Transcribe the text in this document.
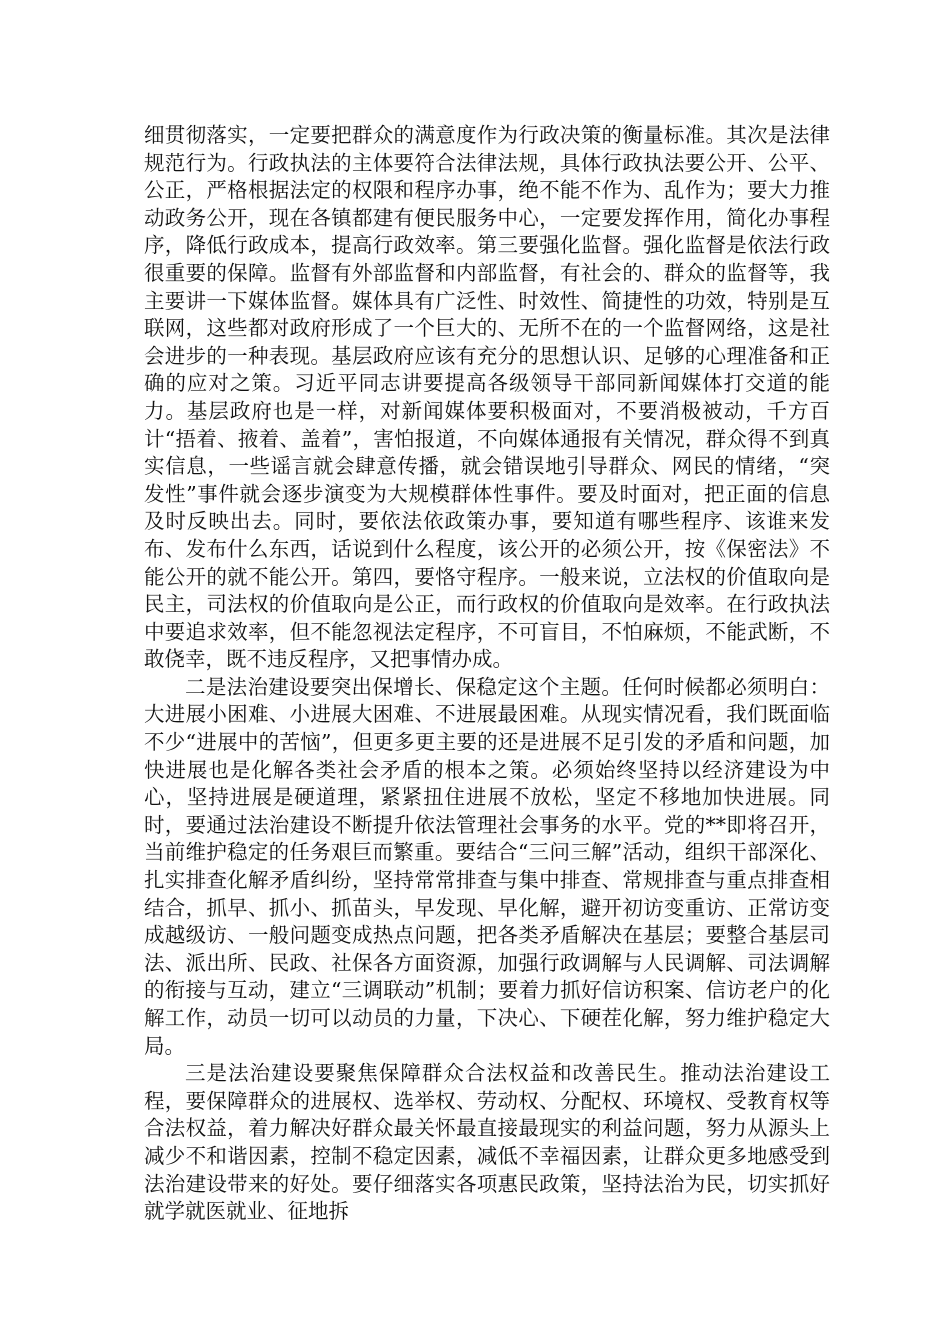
细贯彻落实，一定要把群众的满意度作为行政决策的衡量标准。其次是法律规范行为。行政执法的主体要符合法律法规，具体行政执法要公开、公平、公正，严格根据法定的权限和程序办事，绝不能不作为、乱作为；要大力推动政务公开，现在各镇都建有便民服务中心，一定要发挥作用，简化办事程序，降低行政成本，提高行政效率。第三要强化监督。强化监督是依法行政很重要的保障。监督有外部监督和内部监督，有社会的、群众的监督等，我主要讲一下媒体监督。媒体具有广泛性、时效性、简捷性的功效，特别是互联网，这些都对政府形成了一个巨大的、无所不在的一个监督网络，这是社会进步的一种表现。基层政府应该有充分的思想认识、足够的心理准备和正确的应对之策。习近平同志讲要提高各级领导干部同新闻媒体打交道的能力。基层政府也是一样，对新闻媒体要积极面对，不要消极被动，千方百计“捂着、掖着、盖着”，害怕报道，不向媒体通报有关情况，群众得不到真实信息，一些谣言就会肆意传播，就会错误地引导群众、网民的情绪，“突发性”事件就会逐步演变为大规模群体性事件。要及时面对，把正面的信息及时反映出去。同时，要依法依政策办事，要知道有哪些程序、该谁来发布、发布什么东西，话说到什么程度，该公开的必须公开，按《保密法》不能公开的就不能公开。第四，要恪守程序。一般来说，立法权的价值取向是民主，司法权的价值取向是公正，而行政权的价值取向是效率。在行政执法中要追求效率，但不能忽视法定程序，不可盲目，不怕麻烦，不能武断，不敢侥幸，既不违反程序，又把事情办成。

二是法治建设要突出保增长、保稳定这个主题。任何时候都必须明白：大进展小困难、小进展大困难、不进展最困难。从现实情况看，我们既面临不少“进展中的苦恼”，但更多更主要的还是进展不足引发的矛盾和问题，加快进展也是化解各类社会矛盾的根本之策。必须始终坚持以经济建设为中心，坚持进展是硬道理，紧紧扭住进展不放松，坚定不移地加快进展。同时，要通过法治建设不断提升依法管理社会事务的水平。党的**即将召开，当前维护稳定的任务艰巨而繁重。要结合“三问三解”活动，组织干部深化、扎实排查化解矛盾纠纷，坚持常常排查与集中排查、常规排查与重点排查相结合，抓早、抓小、抓苗头，早发现、早化解，避开初访变重访、正常访变成越级访、一般问题变成热点问题，把各类矛盾解决在基层；要整合基层司法、派出所、民政、社保各方面资源，加强行政调解与人民调解、司法调解的衔接与互动，建立“三调联动”机制；要着力抓好信访积案、信访老户的化解工作，动员一切可以动员的力量，下决心、下硬茬化解，努力维护稳定大局。

三是法治建设要聚焦保障群众合法权益和改善民生。推动法治建设工程，要保障群众的进展权、选举权、劳动权、分配权、环境权、受教育权等合法权益，着力解决好群众最关怀最直接最现实的利益问题，努力从源头上减少不和谐因素，控制不稳定因素，减低不幸福因素，让群众更多地感受到法治建设带来的好处。要仔细落实各项惠民政策，坚持法治为民，切实抓好就学就医就业、征地拆
